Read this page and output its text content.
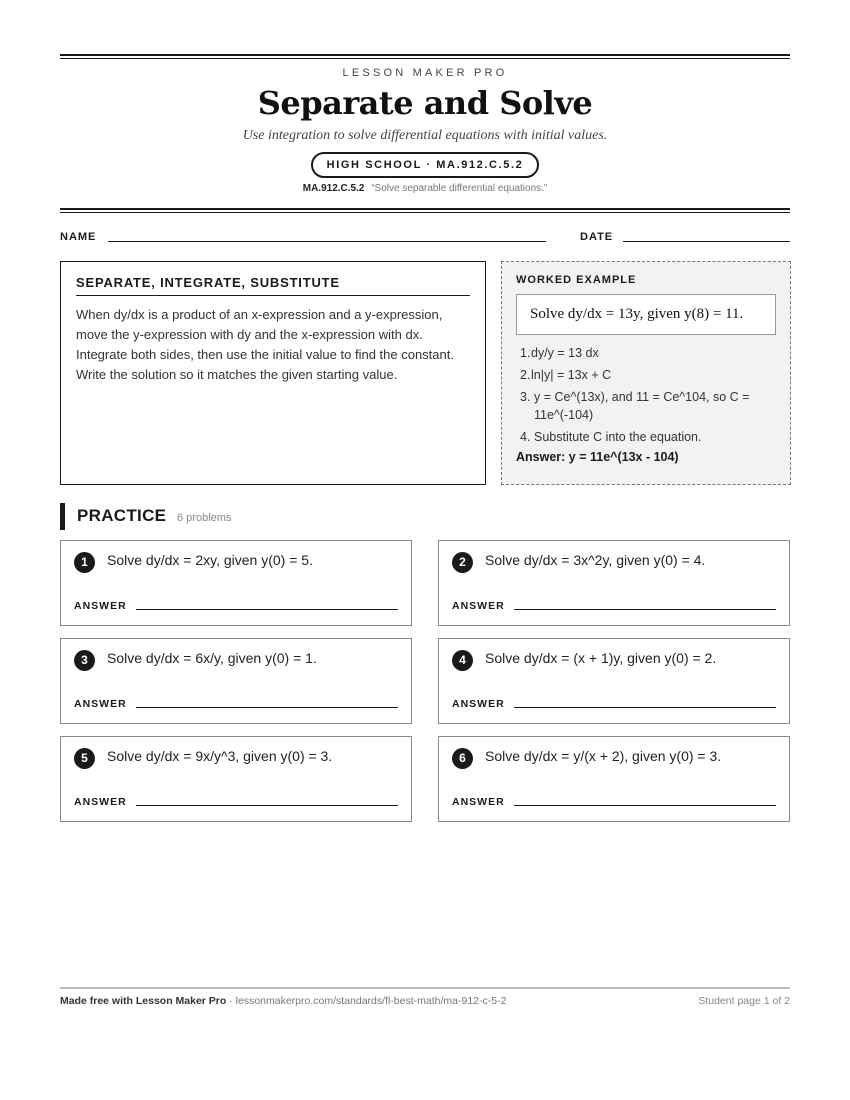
LESSON MAKER PRO
Separate and Solve
Use integration to solve differential equations with initial values.
HIGH SCHOOL · MA.912.C.5.2
MA.912.C.5.2 “Solve separable differential equations.”
NAME	DATE
SEPARATE, INTEGRATE, SUBSTITUTE
When dy/dx is a product of an x-expression and a y-expression, move the y-expression with dy and the x-expression with dx. Integrate both sides, then use the initial value to find the constant. Write the solution so it matches the given starting value.
WORKED EXAMPLE
Solve dy/dx = 13y, given y(8) = 11.
1. dy/y = 13 dx
2. ln|y| = 13x + C
3. y = Ce^(13x), and 11 = Ce^104, so C = 11e^(-104)
4. Substitute C into the equation.
Answer: y = 11e^(13x - 104)
PRACTICE 6 problems
1	Solve dy/dx = 2xy, given y(0) = 5.
ANSWER
2	Solve dy/dx = 3x^2y, given y(0) = 4.
ANSWER
3	Solve dy/dx = 6x/y, given y(0) = 1.
ANSWER
4	Solve dy/dx = (x + 1)y, given y(0) = 2.
ANSWER
5	Solve dy/dx = 9x/y^3, given y(0) = 3.
ANSWER
6	Solve dy/dx = y/(x + 2), given y(0) = 3.
ANSWER
Made free with Lesson Maker Pro · lessonmakerpro.com/standards/fl-best-math/ma-912-c-5-2	Student page 1 of 2
